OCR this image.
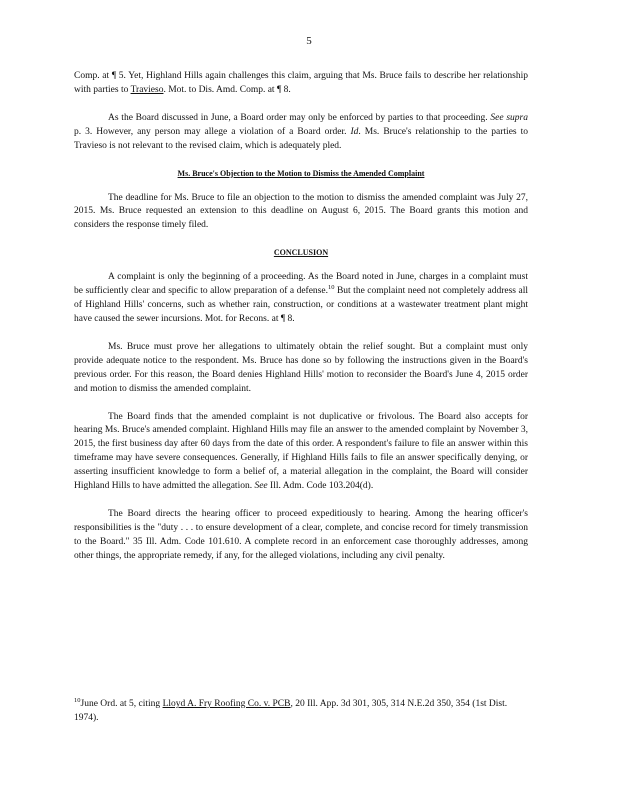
5

Comp. at ¶ 5. Yet, Highland Hills again challenges this claim, arguing that Ms. Bruce fails to describe her relationship with parties to Travieso. Mot. to Dis. Amd. Comp. at ¶ 8.

As the Board discussed in June, a Board order may only be enforced by parties to that proceeding. See supra p. 3. However, any person may allege a violation of a Board order. Id. Ms. Bruce's relationship to the parties to Travieso is not relevant to the revised claim, which is adequately pled.

Ms. Bruce's Objection to the Motion to Dismiss the Amended Complaint

The deadline for Ms. Bruce to file an objection to the motion to dismiss the amended complaint was July 27, 2015. Ms. Bruce requested an extension to this deadline on August 6, 2015. The Board grants this motion and considers the response timely filed.

CONCLUSION

A complaint is only the beginning of a proceeding. As the Board noted in June, charges in a complaint must be sufficiently clear and specific to allow preparation of a defense.$^{10}$ But the complaint need not completely address all of Highland Hills' concerns, such as whether rain, construction, or conditions at a wastewater treatment plant might have caused the sewer incursions. Mot. for Recons. at ¶ 8.

Ms. Bruce must prove her allegations to ultimately obtain the relief sought. But a complaint must only provide adequate notice to the respondent. Ms. Bruce has done so by following the instructions given in the Board's previous order. For this reason, the Board denies Highland Hills' motion to reconsider the Board's June 4, 2015 order and motion to dismiss the amended complaint.

The Board finds that the amended complaint is not duplicative or frivolous. The Board also accepts for hearing Ms. Bruce's amended complaint. Highland Hills may file an answer to the amended complaint by November 3, 2015, the first business day after 60 days from the date of this order. A respondent's failure to file an answer within this timeframe may have severe consequences. Generally, if Highland Hills fails to file an answer specifically denying, or asserting insufficient knowledge to form a belief of, a material allegation in the complaint, the Board will consider Highland Hills to have admitted the allegation. See Ill. Adm. Code 103.204(d).

The Board directs the hearing officer to proceed expeditiously to hearing. Among the hearing officer's responsibilities is the "duty . . . to ensure development of a clear, complete, and concise record for timely transmission to the Board." 35 Ill. Adm. Code 101.610. A complete record in an enforcement case thoroughly addresses, among other things, the appropriate remedy, if any, for the alleged violations, including any civil penalty.

$^{10}$June Ord. at 5, citing Lloyd A. Fry Roofing Co. v. PCB, 20 Ill. App. 3d 301, 305, 314 N.E.2d 350, 354 (1st Dist. 1974).
